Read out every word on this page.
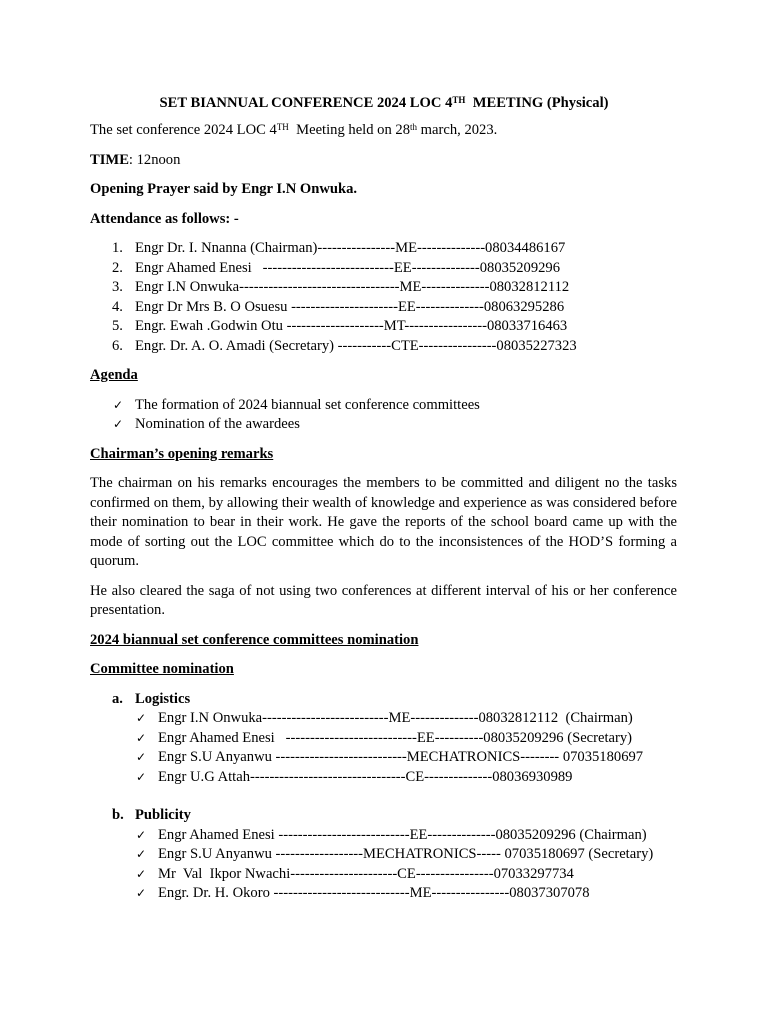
SET BIANNUAL CONFERENCE 2024 LOC 4TH  MEETING (Physical)

The set conference 2024 LOC 4TH  Meeting held on 28th march, 2023.

TIME: 12noon

Opening Prayer said by Engr I.N Onwuka.

Attendance as follows: -

1. Engr Dr. I. Nnanna (Chairman)----------------ME--------------08034486167
2. Engr Ahamed Enesi   ---------------------------EE--------------08035209296
3. Engr I.N Onwuka---------------------------------ME--------------08032812112
4. Engr Dr Mrs B. O Osuesu ----------------------EE--------------08063295286
5. Engr. Ewah .Godwin Otu --------------------MT-----------------08033716463
6. Engr. Dr. A. O. Amadi (Secretary) -----------CTE----------------08035227323

Agenda

✓ The formation of 2024 biannual set conference committees
✓ Nomination of the awardees

Chairman’s opening remarks

The chairman on his remarks encourages the members to be committed and diligent no the tasks confirmed on them, by allowing their wealth of knowledge and experience as was considered before their nomination to bear in their work. He gave the reports of the school board came up with the mode of sorting out the LOC committee which do to the inconsistences of the HOD’S forming a quorum.

He also cleared the saga of not using two conferences at different interval of his or her conference presentation.

2024 biannual set conference committees nomination

Committee nomination

a. Logistics
✓ Engr I.N Onwuka--------------------------ME--------------08032812112  (Chairman)
✓ Engr Ahamed Enesi   ---------------------------EE----------08035209296 (Secretary)
✓ Engr S.U Anyanwu ---------------------------MECHATRONICS-------- 07035180697
✓ Engr U.G Attah--------------------------------CE--------------08036930989
b. Publicity
✓ Engr Ahamed Enesi ---------------------------EE--------------08035209296 (Chairman)
✓ Engr S.U Anyanwu ------------------MECHATRONICS----- 07035180697 (Secretary)
✓ Mr  Val  Ikpor Nwachi----------------------CE----------------07033297734
✓ Engr. Dr. H. Okoro ----------------------------ME----------------08037307078
